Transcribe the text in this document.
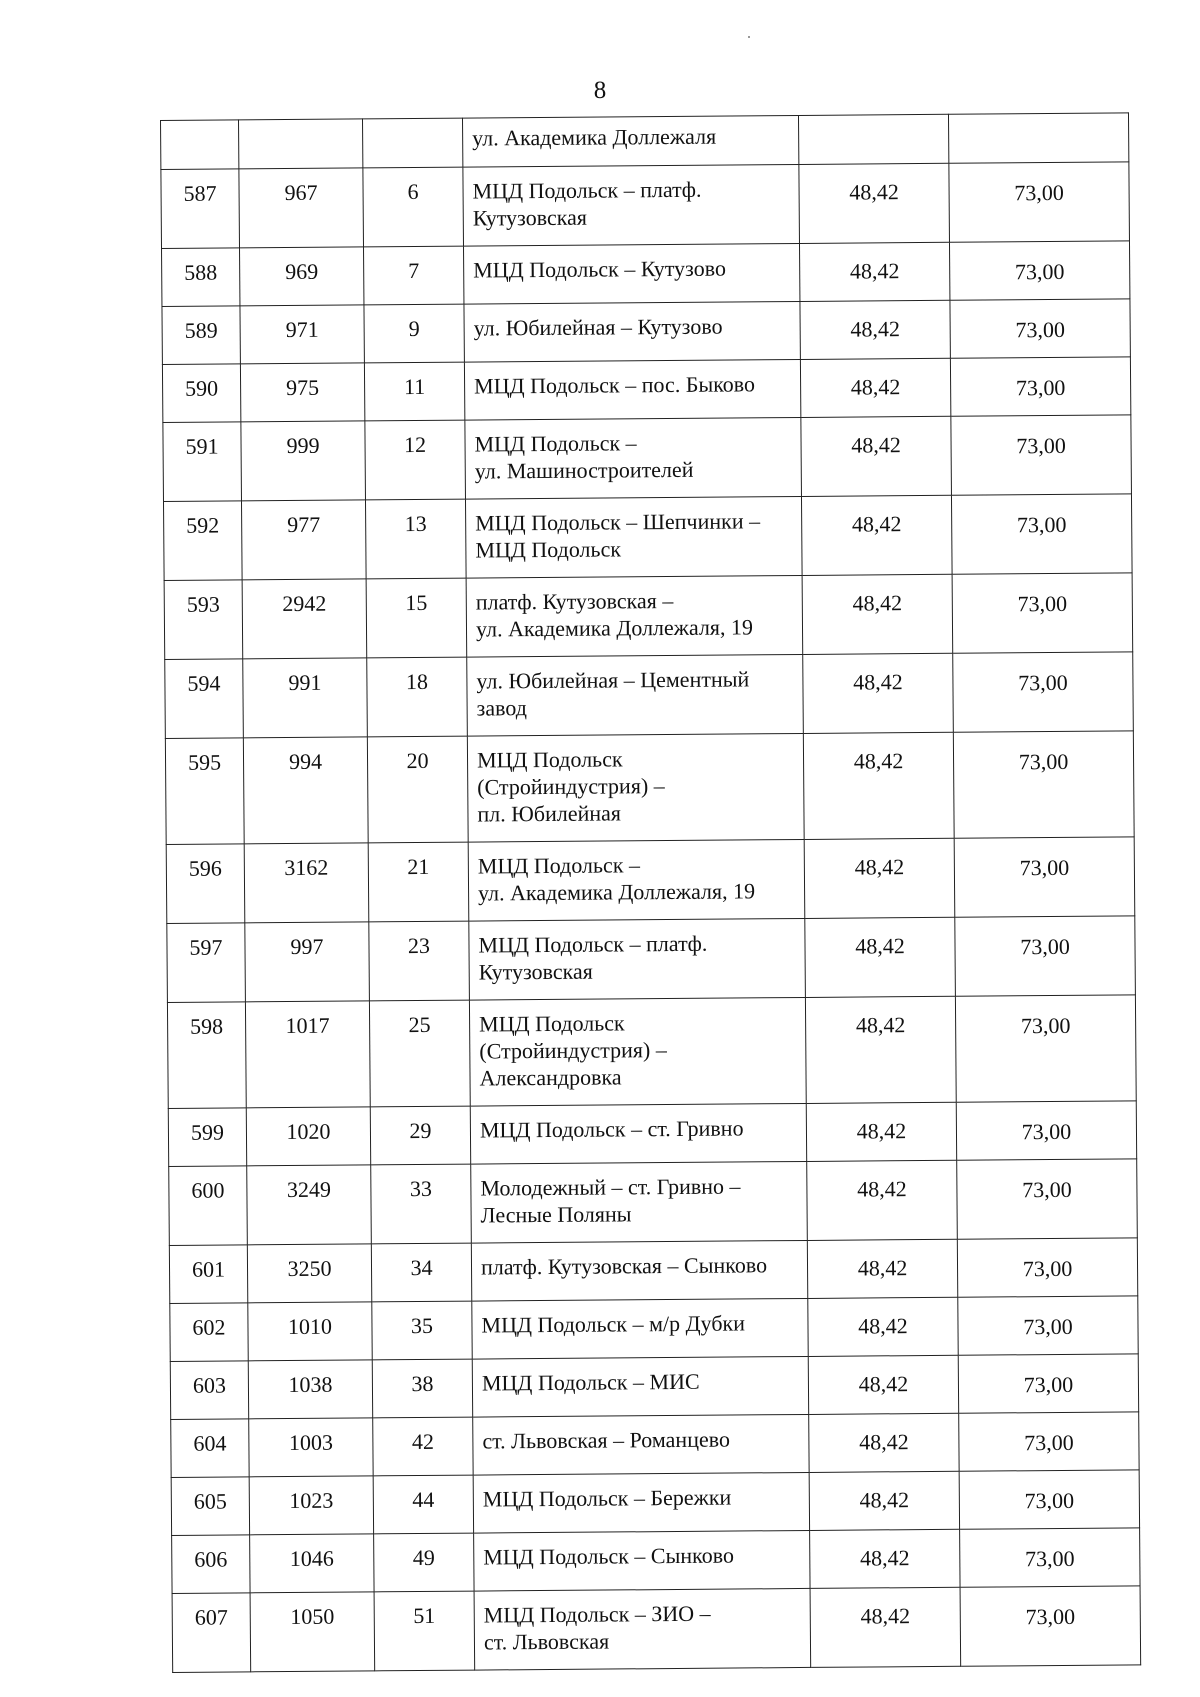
8
			ул. Академика Доллежаля		
587	967	6	МЦД Подольск – платф.
Кутузовская	48,42	73,00
588	969	7	МЦД Подольск – Кутузово	48,42	73,00
589	971	9	ул. Юбилейная – Кутузово	48,42	73,00
590	975	11	МЦД Подольск – пос. Быково	48,42	73,00
591	999	12	МЦД Подольск –
ул. Машиностроителей	48,42	73,00
592	977	13	МЦД Подольск – Шепчинки –
МЦД Подольск	48,42	73,00
593	2942	15	платф. Кутузовская –
ул. Академика Доллежаля, 19	48,42	73,00
594	991	18	ул. Юбилейная – Цементный
завод	48,42	73,00
595	994	20	МЦД Подольск
(Стройиндустрия) –
пл. Юбилейная	48,42	73,00
596	3162	21	МЦД Подольск –
ул. Академика Доллежаля, 19	48,42	73,00
597	997	23	МЦД Подольск – платф.
Кутузовская	48,42	73,00
598	1017	25	МЦД Подольск
(Стройиндустрия) –
Александровка	48,42	73,00
599	1020	29	МЦД Подольск – ст. Гривно	48,42	73,00
600	3249	33	Молодежный – ст. Гривно –
Лесные Поляны	48,42	73,00
601	3250	34	платф. Кутузовская – Сынково	48,42	73,00
602	1010	35	МЦД Подольск – м/р Дубки	48,42	73,00
603	1038	38	МЦД Подольск – МИС	48,42	73,00
604	1003	42	ст. Львовская – Романцево	48,42	73,00
605	1023	44	МЦД Подольск – Бережки	48,42	73,00
606	1046	49	МЦД Подольск – Сынково	48,42	73,00
607	1050	51	МЦД Подольск – ЗИО –
ст. Львовская	48,42	73,00
